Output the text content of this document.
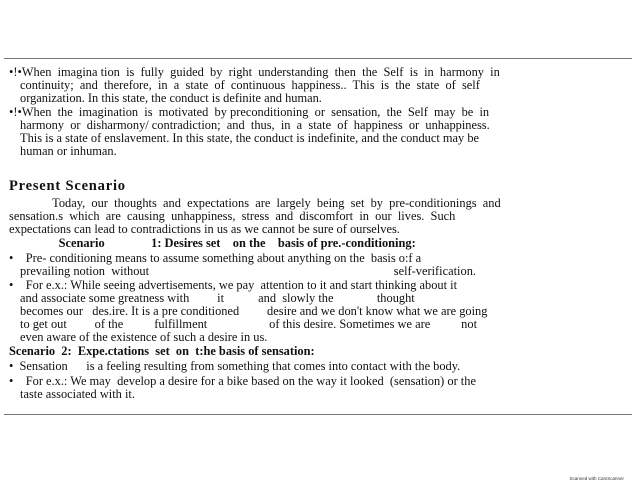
•!•When  imagina tion  is  fully  guided  by  right  understanding  then  the  Self  is  in  harmony  in
continuity;  and  therefore,  in  a  state  of  continuous  happiness..  This  is  the  state  of  self
organization. In this state, the conduct is definite and human.
•!•When  the  imagination  is  motivated  by preconditioning  or  sensation,  the  Self  may  be  in
harmony  or  disharmony/ contradiction;  and  thus,  in  a  state  of  happiness  or  unhappiness.
This is a state of enslavement. In this state, the conduct is indefinite, and the conduct may be
human or inhuman.
Present Scenario
Today,  our  thoughts  and  expectations  are  largely  being  set  by  pre-conditionings  and
sensation.s  which  are  causing  unhappiness,  stress  and  discomfort  in  our  lives.  Such
expectations can lead to contradictions in us as we cannot be sure of ourselves.
Scenario               1: Desires set    on the    basis of pre.-conditioning:
•    Pre- conditioning means to assume something about anything on the  basis o:f a
prevailing notion  without                                                                               self-verification.
•    For e.x.: While seeing advertisements, we pay  attention to it and start thinking about it
and associate some greatness with         it           and  slowly the              thought
becomes our   des.ire. It is a pre conditioned         desire and we don't know what we are going
to get out         of the          fulfillment                    of this desire. Sometimes we are          not
even aware of the existence of such a desire in us.
Scenario  2:  Expe.ctations  set  on  t:he basis of sensation:
•  Sensation      is a feeling resulting from something that comes into contact with the body.
•    For e.x.: We may  develop a desire for a bike based on the way it looked  (sensation) or the
taste associated with it.
Scanned with CamScanner
